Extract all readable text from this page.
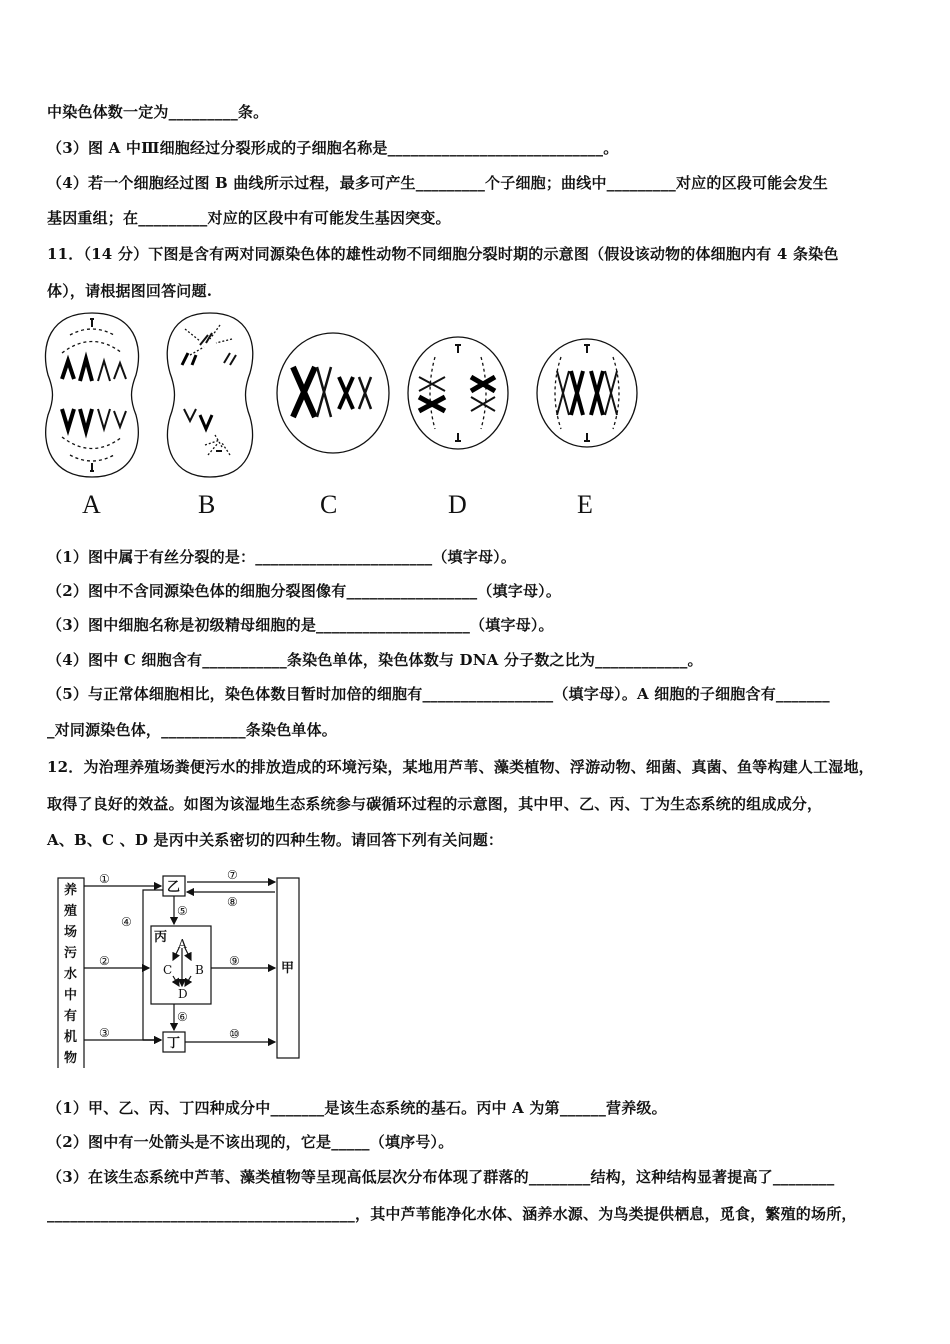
中染色体数一定为_________条。
（3）图 A 中Ⅲ细胞经过分裂形成的子细胞名称是____________________________。
（4）若一个细胞经过图 B 曲线所示过程，最多可产生_________个子细胞；曲线中_________对应的区段可能会发生
基因重组；在_________对应的区段中有可能发生基因突变。
11．（14 分）下图是含有两对同源染色体的雄性动物不同细胞分裂时期的示意图（假设该动物的体细胞内有 4 条染色
体），请根据图回答问题.
A	B	C	D	E
（1）图中属于有丝分裂的是：_______________________（填字母）。
（2）图中不含同源染色体的细胞分裂图像有_________________（填字母）。
（3）图中细胞名称是初级精母细胞的是____________________（填字母）。
（4）图中 C 细胞含有___________条染色单体，染色体数与 DNA 分子数之比为____________。
（5）与正常体细胞相比，染色体数目暂时加倍的细胞有_________________（填字母）。A 细胞的子细胞含有_______
_对同源染色体，___________条染色单体。
12．为治理养殖场粪便污水的排放造成的环境污染，某地用芦苇、藻类植物、浮游动物、细菌、真菌、鱼等构建人工湿地，
取得了良好的效益。如图为该湿地生态系统参与碳循环过程的示意图，其中甲、乙、丙、丁为生态系统的组成成分，
A、B、C 、D 是丙中关系密切的四种生物。请回答下列有关问题：
养
殖
场
污
水
中
有
机
物
乙
丙
丁
甲
A
C B
D
①
②
③
④
⑤
⑥
⑦
⑧
⑨
⑩
（1）甲、乙、丙、丁四种成分中_______是该生态系统的基石。丙中 A 为第______营养级。
（2）图中有一处箭头是不该出现的，它是_____（填序号）。
（3）在该生态系统中芦苇、藻类植物等呈现高低层次分布体现了群落的________结构，这种结构显著提高了________
________________________________________，其中芦苇能净化水体、涵养水源、为鸟类提供栖息，觅食，繁殖的场所，
